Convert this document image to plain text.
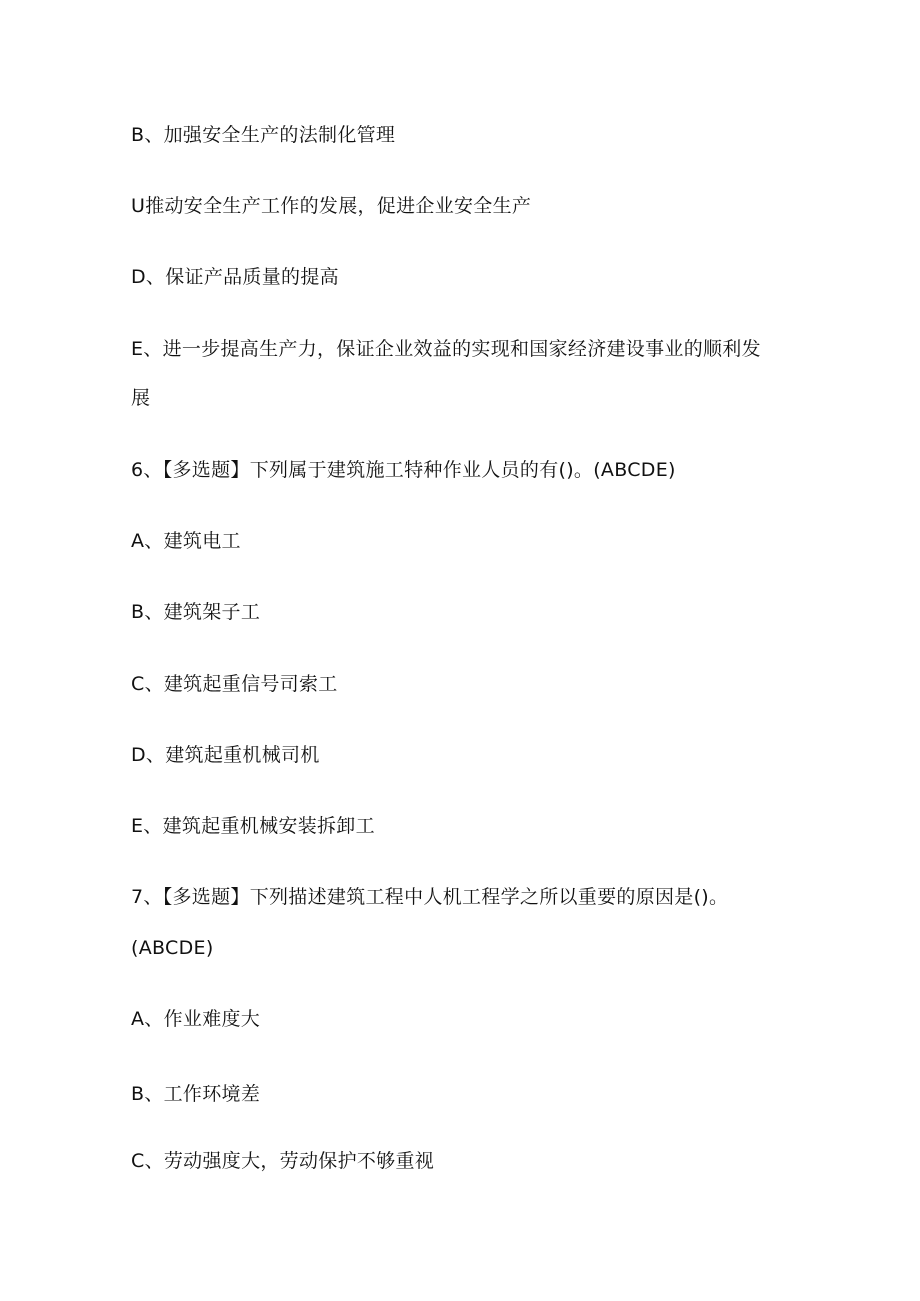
B、加强安全生产的法制化管理
U推动安全生产工作的发展，促进企业安全生产
D、保证产品质量的提高
E、进一步提高生产力，保证企业效益的实现和国家经济建设事业的顺利发
展
6、【多选题】下列属于建筑施工特种作业人员的有()。(ABCDE)
A、建筑电工
B、建筑架子工
C、建筑起重信号司索工
D、建筑起重机械司机
E、建筑起重机械安装拆卸工
7、【多选题】下列描述建筑工程中人机工程学之所以重要的原因是()。
(ABCDE)
A、作业难度大
B、工作环境差
C、劳动强度大，劳动保护不够重视
